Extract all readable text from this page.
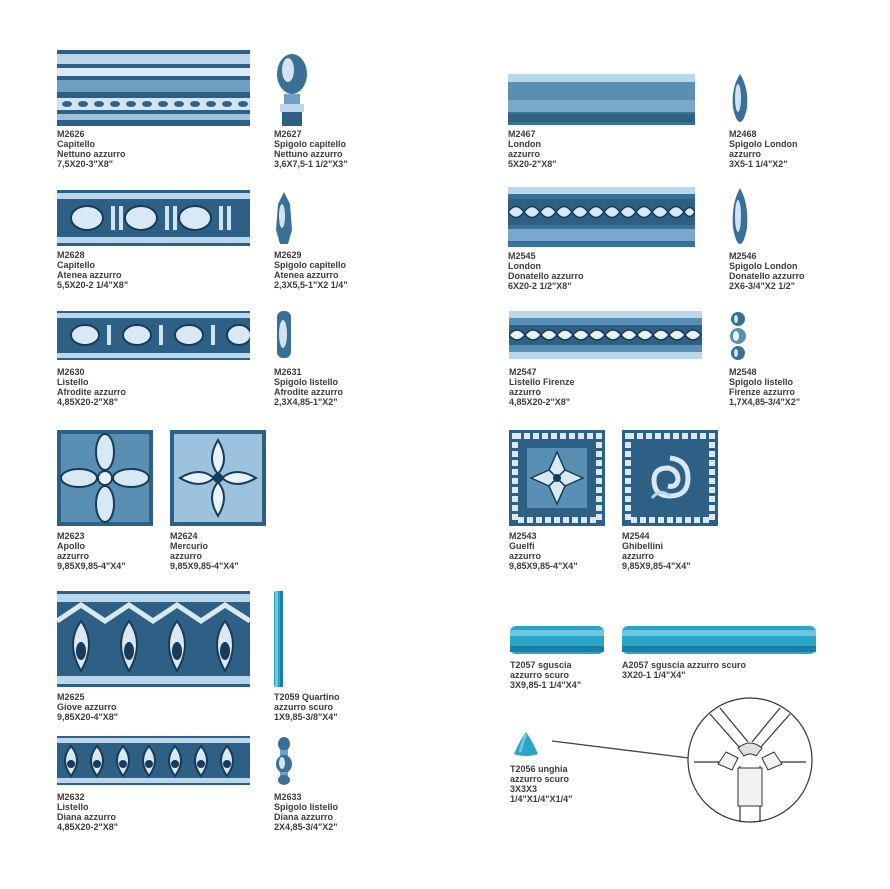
M2626
Capitello
Nettuno azzurro
7,5X20-3"X8"
M2627
Spigolo capitello
Nettuno azzurro
3,6X7,5-1 1/2"X3"
M2628
Capitello
Atenea azzurro
5,5X20-2 1/4"X8"
M2629
Spigolo capitello
Atenea azzurro
2,3X5,5-1"X2 1/4"
M2630
Listello
Afrodite azzurro
4,85X20-2"X8"
M2631
Spigolo listello
Afrodite azzurro
2,3X4,85-1"X2"
M2623
Apollo
azzurro
9,85X9,85-4"X4"
M2624
Mercurio
azzurro
9,85X9,85-4"X4"
M2625
Giove azzurro
9,85X20-4"X8"
T2059 Quartino
azzurro scuro
1X9,85-3/8"X4"
M2632
Listello
Diana azzurro
4,85X20-2"X8"
M2633
Spigolo listello
Diana azzurro
2X4,85-3/4"X2"
M2467
London
azzurro
5X20-2"X8"
M2468
Spigolo London
azzurro
3X5-1 1/4"X2"
M2545
London
Donatello azzurro
6X20-2 1/2"X8"
M2546
Spigolo London
Donatello azzurro
2X6-3/4"X2 1/2"
M2547
Listello Firenze
azzurro
4,85X20-2"X8"
M2548
Spigolo listello
Firenze azzurro
1,7X4,85-3/4"X2"
M2543
Guelfi
azzurro
9,85X9,85-4"X4"
M2544
Ghibellini
azzurro
9,85X9,85-4"X4"
T2057 sguscia
azzurro scuro
3X9,85-1 1/4"X4"
A2057 sguscia azzurro scuro
3X20-1 1/4"X4"
T2056 unghia
azzurro scuro
3X3X3
1/4"X1/4"X1/4"
